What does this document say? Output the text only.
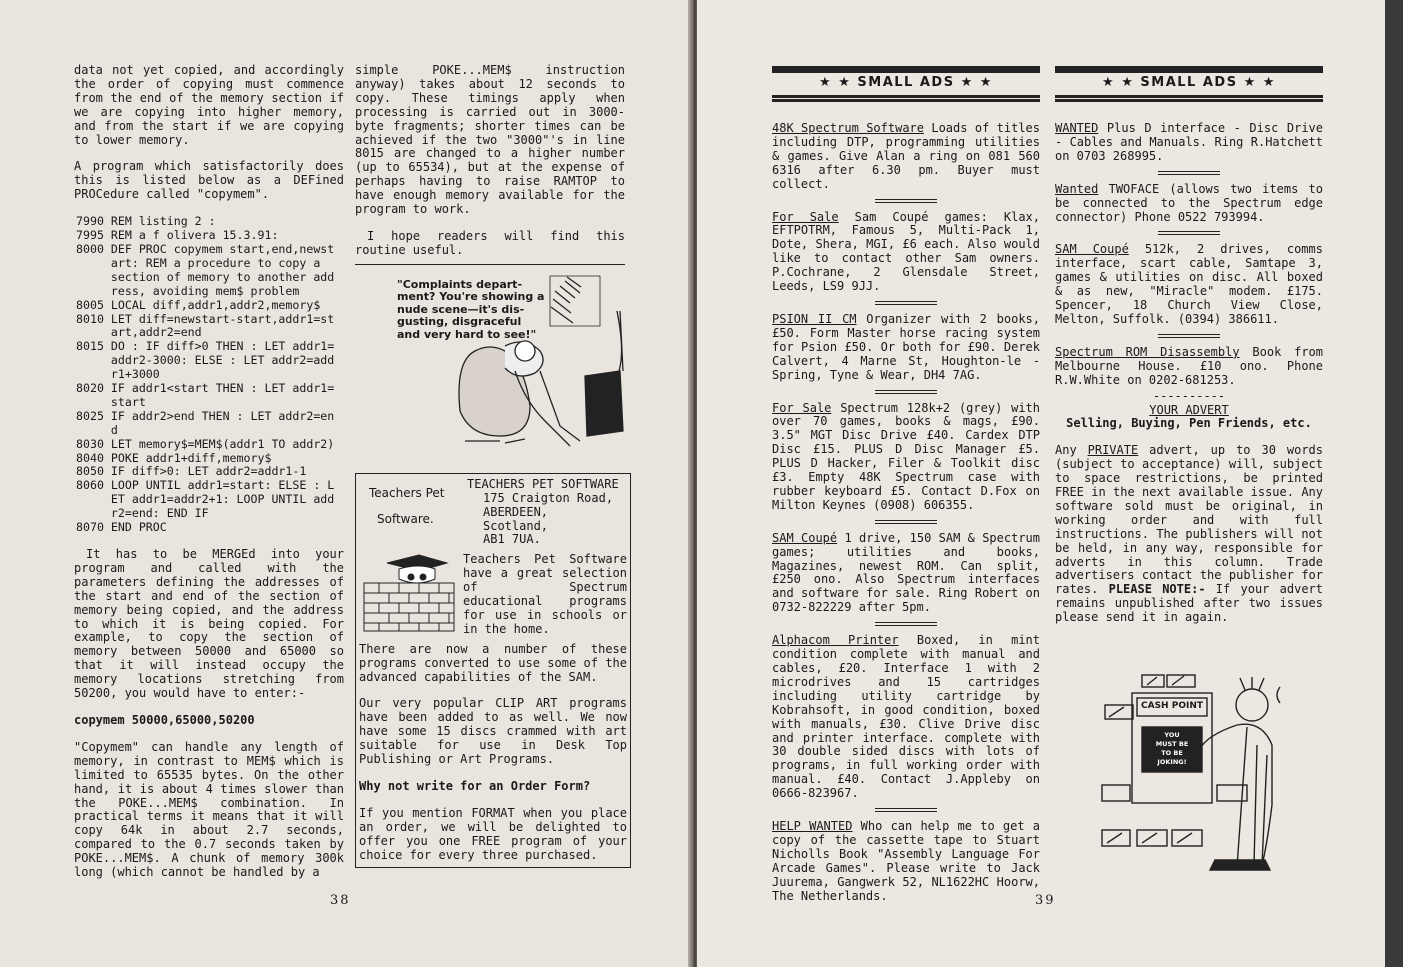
data not yet copied, and accordingly the order of copying must commence from the end of the memory section if we are copying into higher memory, and from the start if we are copying to lower memory.

A program which satisfactorily does this is listed below as a DEFined PROCedure called "copymem".

7990 REM listing 2 :
7995 REM a f olivera 15.3.91:
8000 DEF PROC copymem start,end,newst
art: REM a procedure to copy a
section of memory to another add
ress, avoiding mem$ problem
8005 LOCAL diff,addr1,addr2,memory$
8010 LET diff=newstart-start,addr1=st
art,addr2=end
8015 DO : IF diff>0 THEN : LET addr1=
addr2-3000: ELSE : LET addr2=add
r1+3000
8020 IF addr1<start THEN : LET addr1=
start
8025 IF addr2>end THEN : LET addr2=en
d
8030 LET memory$=MEM$(addr1 TO addr2)
8040 POKE addr1+diff,memory$
8050 IF diff>0: LET addr2=addr1-1
8060 LOOP UNTIL addr1=start: ELSE : L
ET addr1=addr2+1: LOOP UNTIL add
r2=end: END IF
8070 END PROC

It has to be MERGEd into your program and called with the parameters defining the addresses of the start and end of the section of memory being copied, and the address to which it is being copied. For example, to copy the section of memory between 50000 and 65000 so that it will instead occupy the memory locations stretching from 50200, you would have to enter:-

copymem 50000,65000,50200

"Copymem" can handle any length of memory, in contrast to MEM$ which is limited to 65535 bytes. On the other hand, it is about 4 times slower than the POKE...MEM$ combination. In practical terms it means that it will copy 64k in about 2.7 seconds, compared to the 0.7 seconds taken by POKE...MEM$. A chunk of memory 300k long (which cannot be handled by a

simple POKE...MEM$ instruction anyway) takes about 12 seconds to copy. These timings apply when processing is carried out in 3000-byte fragments; shorter times can be achieved if the two "3000"'s in line 8015 are changed to a higher number (up to 65534), but at the expense of perhaps having to raise RAMTOP to have enough memory available for the program to work.

I hope readers will find this routine useful.

"Complaints depart-ment? You're showing a nude scene—it's dis-gusting, disgraceful and very hard to see!"
Teachers Pet
Software.
TEACHERS PET SOFTWARE
175 Craigton Road,
ABERDEEN,
Scotland,
AB1 7UA.
Teachers Pet Software have a great selection of Spectrum educational programs for use in schools or in the home.

There are now a number of these programs converted to use some of the advanced capabilities of the SAM.

Our very popular CLIP ART programs have been added to as well. We now have some 15 discs crammed with art suitable for use in Desk Top Publishing or Art Programs.

Why not write for an Order Form?

If you mention FORMAT when you place an order, we will be delighted to offer you one FREE program of your choice for every three purchased.

38
★ ★ SMALL ADS ★ ★	★ ★ SMALL ADS ★ ★

48K Spectrum Software Loads of titles including DTP, programming utilities & games. Give Alan a ring on 081 560 6316 after 6.30 pm. Buyer must collect.

For Sale Sam Coupé games: Klax, EFTPOTRM, Famous 5, Multi-Pack 1, Dote, Shera, MGI, £6 each. Also would like to contact other Sam owners. P.Cochrane, 2 Glensdale Street, Leeds, LS9 9JJ.

PSION II CM Organizer with 2 books, £50. Form Master horse racing system for Psion £50. Or both for £90. Derek Calvert, 4 Marne St, Houghton-le -Spring, Tyne & Wear, DH4 7AG.

For Sale Spectrum 128k+2 (grey) with over 70 games, books & mags, £90. 3.5" MGT Disc Drive £40. Cardex DTP Disc £15. PLUS D Disc Manager £5. PLUS D Hacker, Filer & Toolkit disc £3. Empty 48K Spectrum case with rubber keyboard £5. Contact D.Fox on Milton Keynes (0908) 606355.

SAM Coupé 1 drive, 150 SAM & Spectrum games; utilities and books, Magazines, newest ROM. Can split, £250 ono. Also Spectrum interfaces and software for sale. Ring Robert on 0732-822229 after 5pm.

Alphacom Printer Boxed, in mint condition complete with manual and cables, £20. Interface 1 with 2 microdrives and 15 cartridges including utility cartridge by Kobrahsoft, in good condition, boxed with manuals, £30. Clive Drive disc and printer interface. complete with 30 double sided discs with lots of programs, in full working order with manual. £40. Contact J.Appleby on 0666-823967.

HELP WANTED Who can help me to get a copy of the cassette tape to Stuart Nicholls Book "Assembly Language For Arcade Games". Please write to Jack Juurema, Gangwerk 52, NL1622HC Hoorw, The Netherlands.

WANTED Plus D interface - Disc Drive - Cables and Manuals. Ring R.Hatchett on 0703 268995.

Wanted TWOFACE (allows two items to be connected to the Spectrum edge connector) Phone 0522 793994.

SAM Coupé 512k, 2 drives, comms interface, scart cable, Samtape 3, games & utilities on disc. All boxed & as new, "Miracle" modem. £175. Spencer, 18 Church View Close, Melton, Suffolk. (0394) 386611.

Spectrum ROM Disassembly Book from Melbourne House. £10 ono. Phone R.W.White on 0202-681253.

----------
YOUR ADVERT
Selling, Buying, Pen Friends, etc.

Any PRIVATE advert, up to 30 words (subject to acceptance) will, subject to space restrictions, be printed FREE in the next available issue. Any software sold must be original, in working order and with full instructions. The publishers will not be held, in any way, responsible for adverts in this column. Trade advertisers contact the publisher for rates. PLEASE NOTE:- If your advert remains unpublished after two issues please send it in again.

CASH POINT
YOU
MUST BE
TO BE
JOKING!
39
